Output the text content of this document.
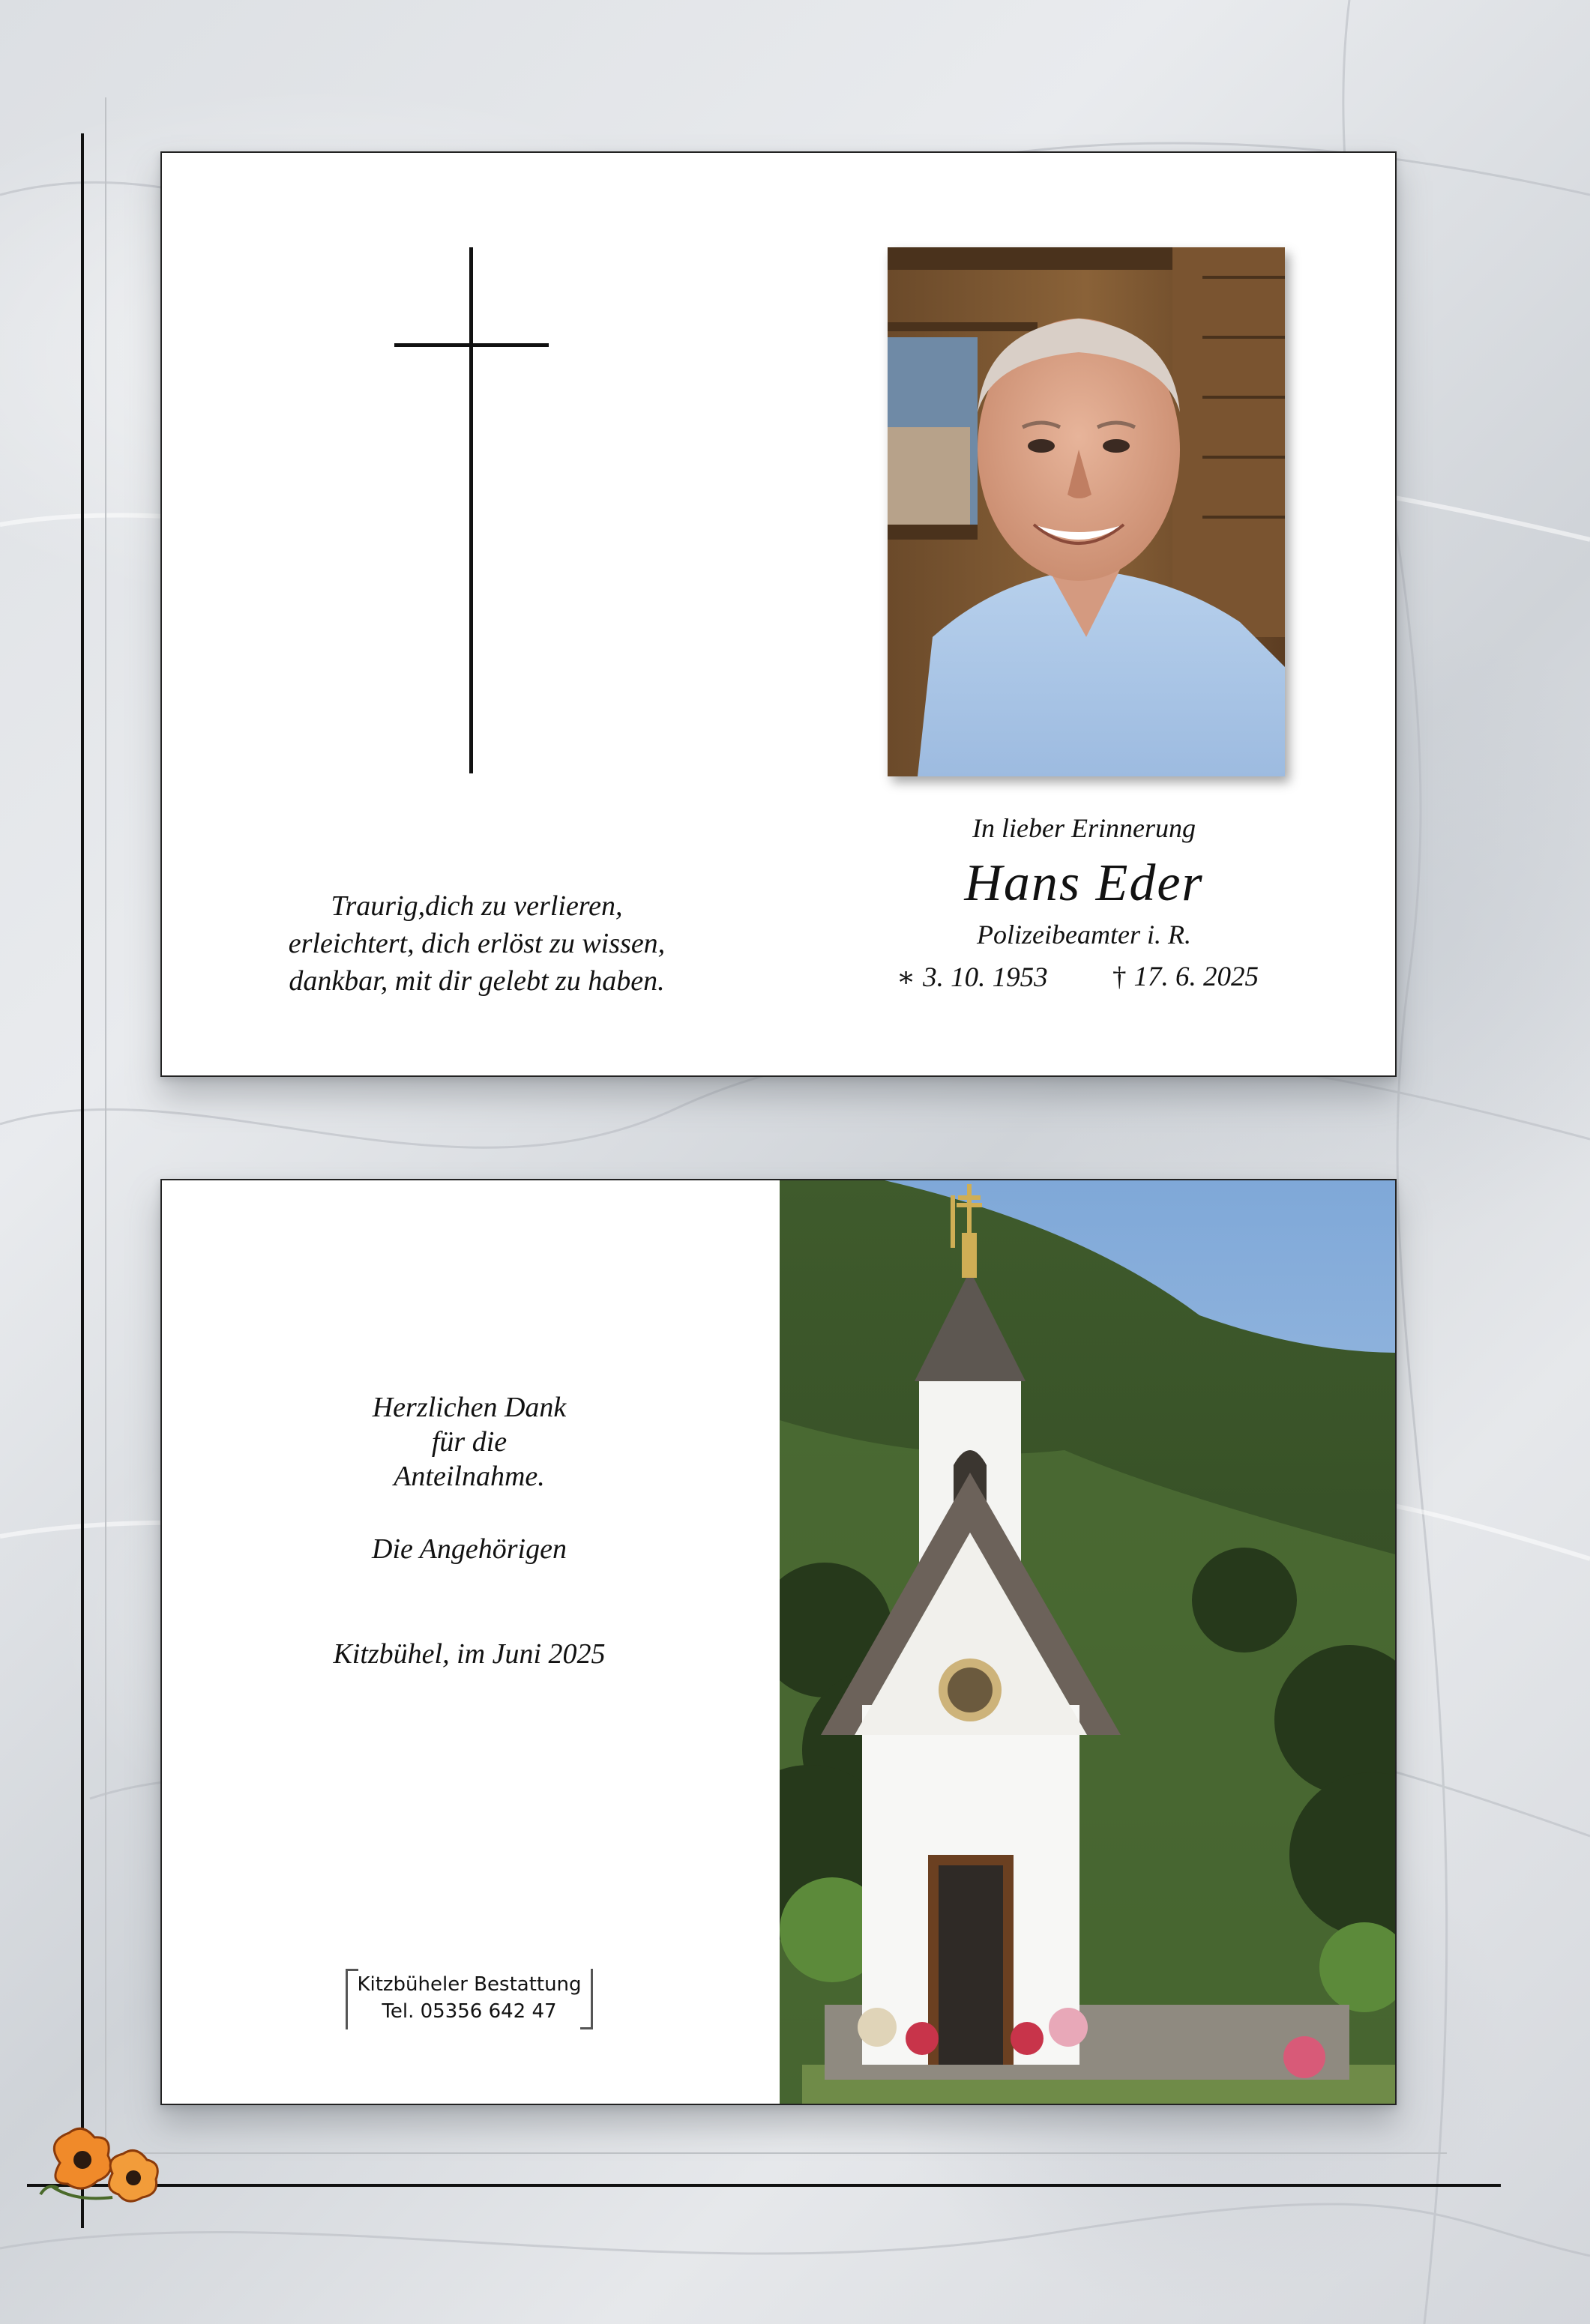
Traurig,dich zu verlieren,
erleichtert, dich erlöst zu wissen,
dankbar, mit dir gelebt zu haben.
In lieber Erinnerung
Hans Eder
Polizeibeamter i. R.
∗ 3. 10. 1953 † 17. 6. 2025
Herzlichen Dank
für die
Anteilnahme.
Die Angehörigen
Kitzbühel, im Juni 2025
Kitzbüheler Bestattung
Tel. 05356 642 47
